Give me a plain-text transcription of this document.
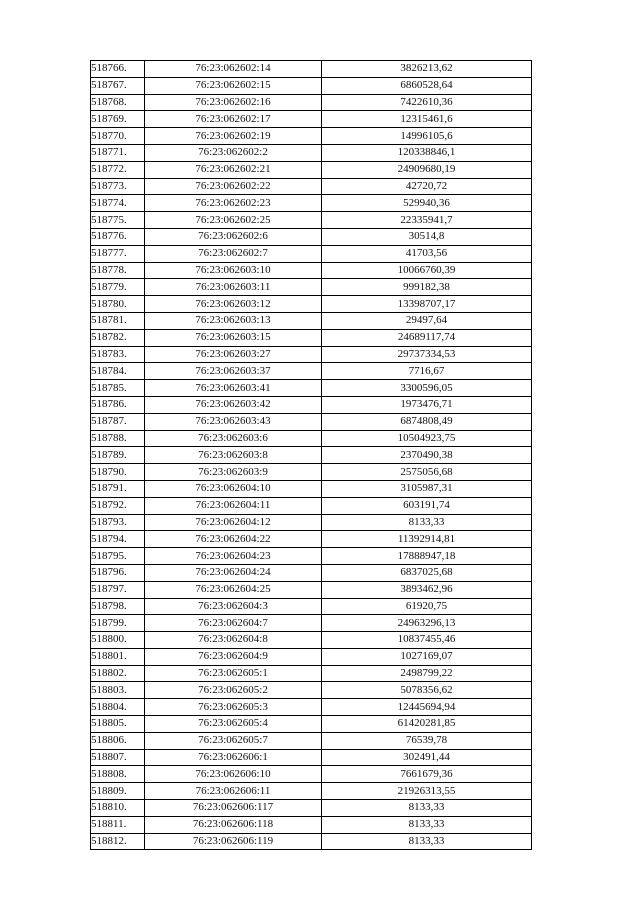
518766.	76:23:062602:14	3826213,62
518767.	76:23:062602:15	6860528,64
518768.	76:23:062602:16	7422610,36
518769.	76:23:062602:17	12315461,6
518770.	76:23:062602:19	14996105,6
518771.	76:23:062602:2	120338846,1
518772.	76:23:062602:21	24909680,19
518773.	76:23:062602:22	42720,72
518774.	76:23:062602:23	529940,36
518775.	76:23:062602:25	22335941,7
518776.	76:23:062602:6	30514,8
518777.	76:23:062602:7	41703,56
518778.	76:23:062603:10	10066760,39
518779.	76:23:062603:11	999182,38
518780.	76:23:062603:12	13398707,17
518781.	76:23:062603:13	29497,64
518782.	76:23:062603:15	24689117,74
518783.	76:23:062603:27	29737334,53
518784.	76:23:062603:37	7716,67
518785.	76:23:062603:41	3300596,05
518786.	76:23:062603:42	1973476,71
518787.	76:23:062603:43	6874808,49
518788.	76:23:062603:6	10504923,75
518789.	76:23:062603:8	2370490,38
518790.	76:23:062603:9	2575056,68
518791.	76:23:062604:10	3105987,31
518792.	76:23:062604:11	603191,74
518793.	76:23:062604:12	8133,33
518794.	76:23:062604:22	11392914,81
518795.	76:23:062604:23	17888947,18
518796.	76:23:062604:24	6837025,68
518797.	76:23:062604:25	3893462,96
518798.	76:23:062604:3	61920,75
518799.	76:23:062604:7	24963296,13
518800.	76:23:062604:8	10837455,46
518801.	76:23:062604:9	1027169,07
518802.	76:23:062605:1	2498799,22
518803.	76:23:062605:2	5078356,62
518804.	76:23:062605:3	12445694,94
518805.	76:23:062605:4	61420281,85
518806.	76:23:062605:7	76539,78
518807.	76:23:062606:1	302491,44
518808.	76:23:062606:10	7661679,36
518809.	76:23:062606:11	21926313,55
518810.	76:23:062606:117	8133,33
518811.	76:23:062606:118	8133,33
518812.	76:23:062606:119	8133,33
